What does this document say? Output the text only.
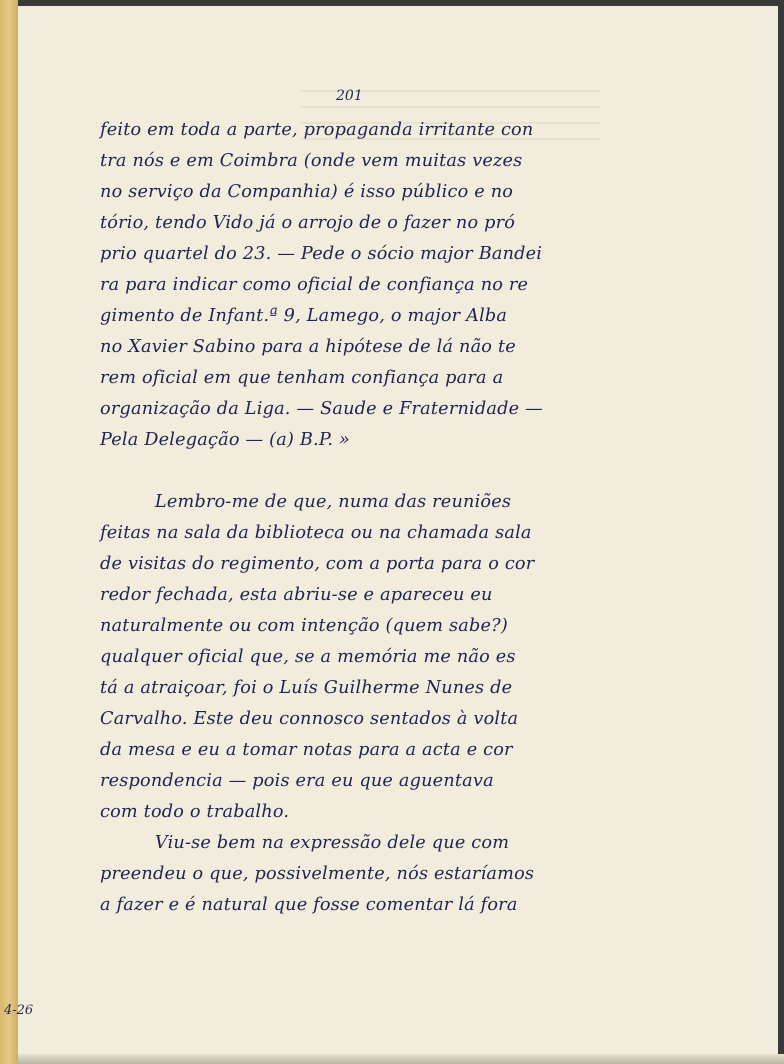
201
feito em toda a parte, propaganda irritante con
tra nós e em Coimbra (onde vem muitas vezes
no serviço da Companhia) é isso público e no
tório, tendo Vido já o arrojo de o fazer no pró
prio quartel do 23. — Pede o sócio major Bandei
ra para indicar como oficial de confiança no re
gimento de Infant.ª 9, Lamego, o major Alba
no Xavier Sabino para a hipótese de lá não te
rem oficial em que tenham confiança para a
organização da Liga. — Saude e Fraternidade —
Pela Delegação — (a) B.P. »
Lembro-me de que, numa das reuniões
feitas na sala da biblioteca ou na chamada sala
de visitas do regimento, com a porta para o cor
redor fechada, esta abriu-se e apareceu eu
naturalmente ou com intenção (quem sabe?)
qualquer oficial que, se a memória me não es
tá a atraiçoar, foi o Luís Guilherme Nunes de
Carvalho. Este deu connosco sentados à volta
da mesa e eu a tomar notas para a acta e cor
respondencia — pois era eu que aguentava
com todo o trabalho.
Viu-se bem na expressão dele que com
preendeu o que, possivelmente, nós estaríamos
a fazer e é natural que fosse comentar lá fora
4-26
